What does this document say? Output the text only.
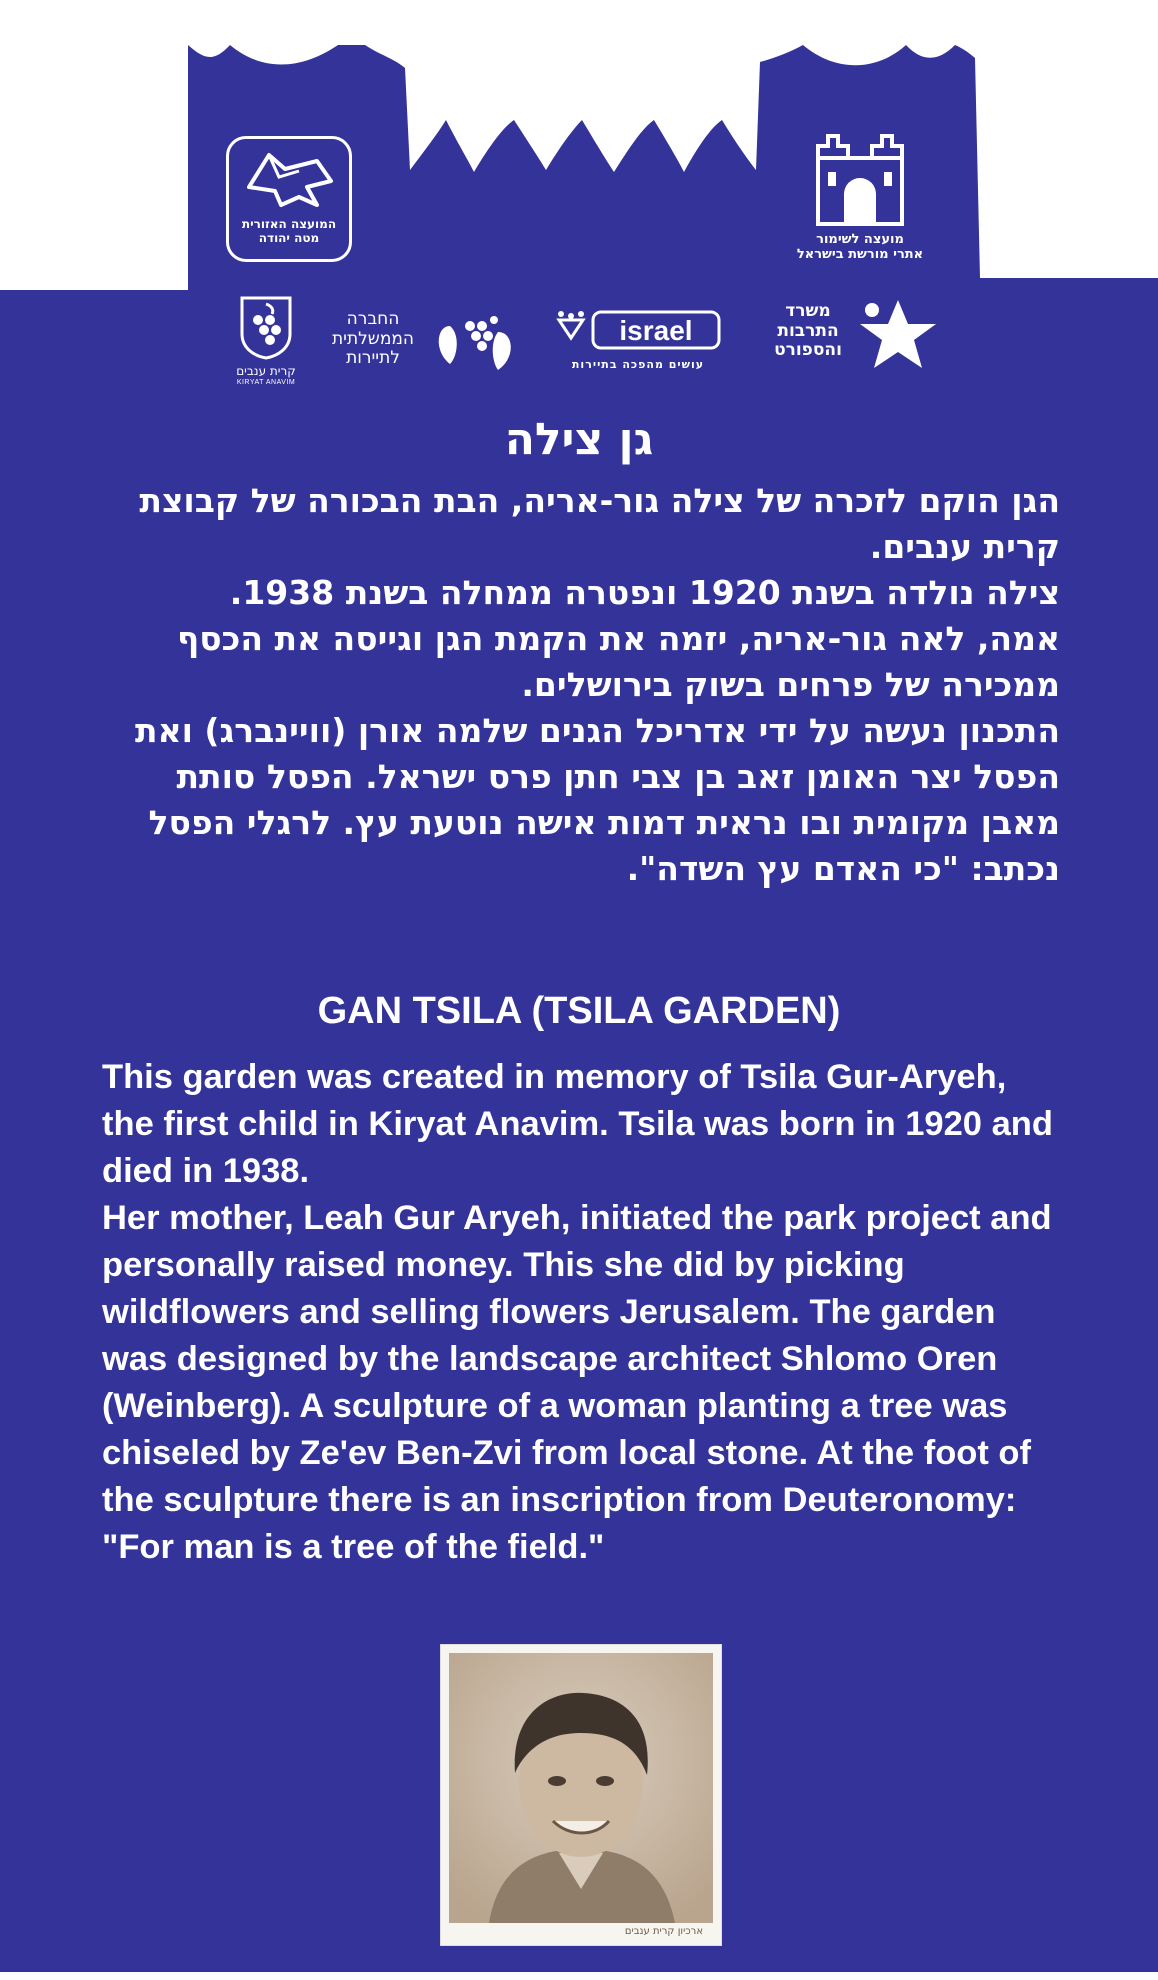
המועצה האזורית
מטה יהודה	מועצה לשימור
אתרי מורשת בישראל
קרית ענבים
KIRYAT ANAVIM
החברה
הממשלתית
לתיירות
israel
עושים מהפכה בתיירות
משרד
התרבות
והספורט
גן צילה

הגן הוקם לזכרה של צילה גור-אריה, הבת הבכורה של קבוצת קרית ענבים.

צילה נולדה בשנת 1920 ונפטרה ממחלה בשנת 1938.

אמה, לאה גור-אריה, יזמה את הקמת הגן וגייסה את הכסף ממכירה של פרחים בשוק בירושלים.

התכנון נעשה על ידי אדריכל הגנים שלמה אורן (וויינברג) ואת הפסל יצר האומן זאב בן צבי חתן פרס ישראל. הפסל סותת מאבן מקומית ובו נראית דמות אישה נוטעת עץ. לרגלי הפסל נכתב: "כי האדם עץ השדה".

GAN TSILA (TSILA GARDEN)

This garden was created in memory of Tsila Gur-Aryeh, the first child in Kiryat Anavim. Tsila was born in 1920 and died in 1938.

Her mother, Leah Gur Aryeh, initiated the park project and personally raised money. This she did by picking wildflowers and selling flowers Jerusalem. The garden was designed by the landscape architect Shlomo Oren (Weinberg). A sculpture of a woman planting a tree was chiseled by Ze'ev Ben-Zvi from local stone. At the foot of the sculpture there is an inscription from Deuteronomy: "For man is a tree of the field."

ארכיון קרית ענבים
